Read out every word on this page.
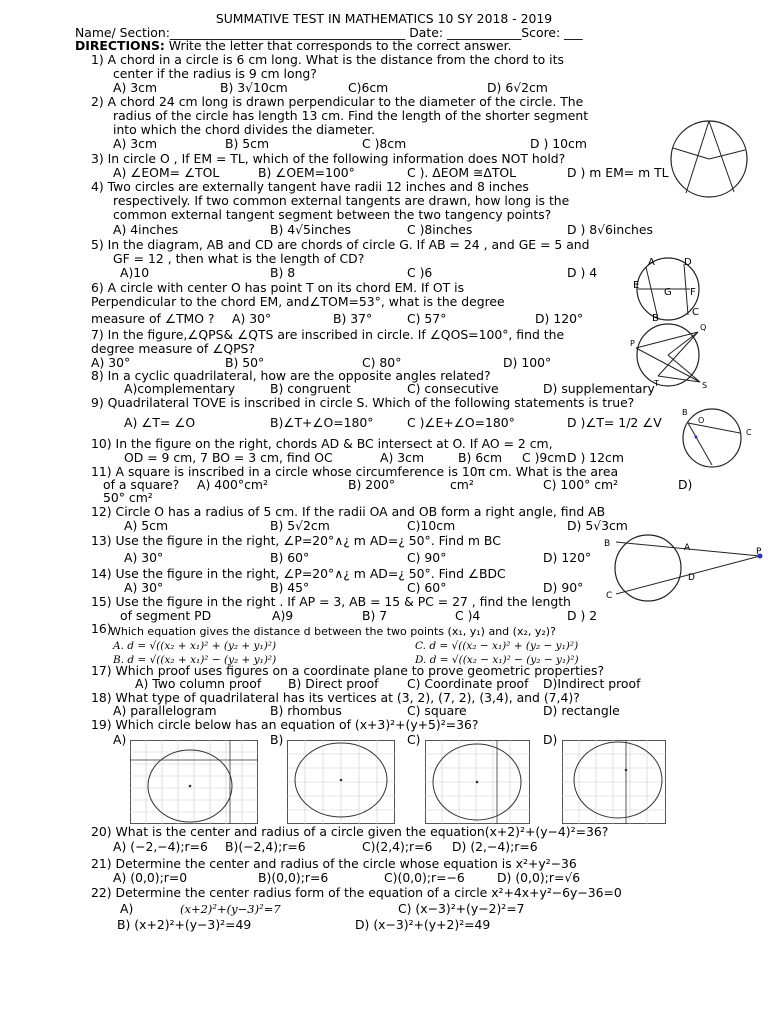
SUMMATIVE TEST IN MATHEMATICS 10 SY 2018 - 2019
Name/ Section:______________________________________ Date: ____________Score: ___
DIRECTIONS: Write the letter that corresponds to the correct answer.
1) A chord in a circle is 6 cm long. What is the distance from the chord to its
center if the radius is 9 cm long?
A) 3cm	B) 3√10cm	C)6cm	D) 6√2cm
2) A chord 24 cm long is drawn perpendicular to the diameter of the circle. The
radius of the circle has length 13 cm. Find the length of the shorter segment
into which the chord divides the diameter.
A) 3cm	B) 5cm	C )8cm	D ) 10cm
3) In circle O , If EM = TL, which of the following information does NOT hold?
A) ∠EOM= ∠TOL	B) ∠OEM=100°	C ). ΔEOM ≅ΔTOL	D ) m EM= m TL
4) Two circles are externally tangent have radii 12 inches and 8 inches
respectively. If two common external tangents are drawn, how long is the
common external tangent segment between the two tangency points?
A) 4inches	B) 4√5inches	C )8inches	D ) 8√6inches
5) In the diagram, AB and CD are chords of circle G. If AB = 24 , and GE = 5 and
GF = 12 , then what is the length of CD?
A)10	B) 8	C )6	D ) 4
6) A circle with center O has point T on its chord EM. If OT is
Perpendicular to the chord EM, and∠TOM=53°, what is the degree
measure of ∠TMO ? A) 30°	B) 37°	C) 57°	D) 120°
7) In the figure,∠QPS& ∠QTS are inscribed in circle. If ∠QOS=100°, find the
degree measure of ∠QPS?
A) 30°	B) 50°	C) 80°	D) 100°
8) In a cyclic quadrilateral, how are the opposite angles related?
A)complementary	B) congruent	C) consecutive	D) supplementary
9) Quadrilateral TOVE is inscribed in circle S. Which of the following statements is true?
A) ∠T= ∠O	B)∠T+∠O=180°	C )∠E+∠O=180°	D )∠T= 1/2 ∠V
10) In the figure on the right, chords AD & BC intersect at O. If AO = 2 cm,
OD = 9 cm, 7 BO = 3 cm, find OC	A) 3cm	B) 6cm C )9cm D ) 12cm
11) A square is inscribed in a circle whose circumference is 10π cm. What is the area
of a square? A) 400°cm²	B) 200°	cm²	C) 100° cm²	D)
50° cm²
12) Circle O has a radius of 5 cm. If the radii OA and OB form a right angle, find AB
A) 5cm	B) 5√2cm	C)10cm	D) 5√3cm
13) Use the figure in the right, ∠P=20°∧¿ m AD=¿ 50°. Find m BC
A) 30°	B) 60°	C) 90°	D) 120°
14) Use the figure in the right, ∠P=20°∧¿ m AD=¿ 50°. Find ∠BDC
A) 30°	B) 45°	C) 60°	D) 90°
15) Use the figure in the right . If AP = 3, AB = 15 & PC = 27 , find the length
of segment PD	A)9	B) 7	C )4	D ) 2
16)
Which equation gives the distance d between the two points (x₁, y₁) and (x₂, y₂)?
A. d = √((x₂ + x₁)² + (y₂ + y₁)²)	C. d = √((x₂ − x₁)² + (y₂ − y₁)²)
B. d = √((x₂ + x₁)² − (y₂ + y₁)²)	D. d = √((x₂ − x₁)² − (y₂ − y₁)²)
17) Which proof uses figures on a coordinate plane to prove geometric properties?
A) Two column proof B) Direct proof C) Coordinate proof D)Indirect proof
18) What type of quadrilateral has its vertices at (3, 2), (7, 2), (3,4), and (7,4)?
A) parallelogram	B) rhombus	C) square	D) rectangle
19) Which circle below has an equation of (x+3)²+(y+5)²=36?
A)	B)	C)	D)
20) What is the center and radius of a circle given the equation(x+2)²+(y−4)²=36?
A) (−2,−4);r=6 B)(−2,4);r=6	C)(2,4);r=6 D) (2,−4);r=6
21) Determine the center and radius of the circle whose equation is x²+y²−36
A) (0,0);r=0	B)(0,0);r=6	C)(0,0);r=−6	D) (0,0);r=√6
22) Determine the center radius form of the equation of a circle x²+4x+y²−6y−36=0
A)	(x+2)²+(y−3)²=7	C) (x−3)²+(y−2)²=7
B) (x+2)²+(y−3)²=49	D) (x−3)²+(y+2)²=49
A	D
E
G F
C
B
Q
P
T	S
B
O
C
B	A	P
C
D
